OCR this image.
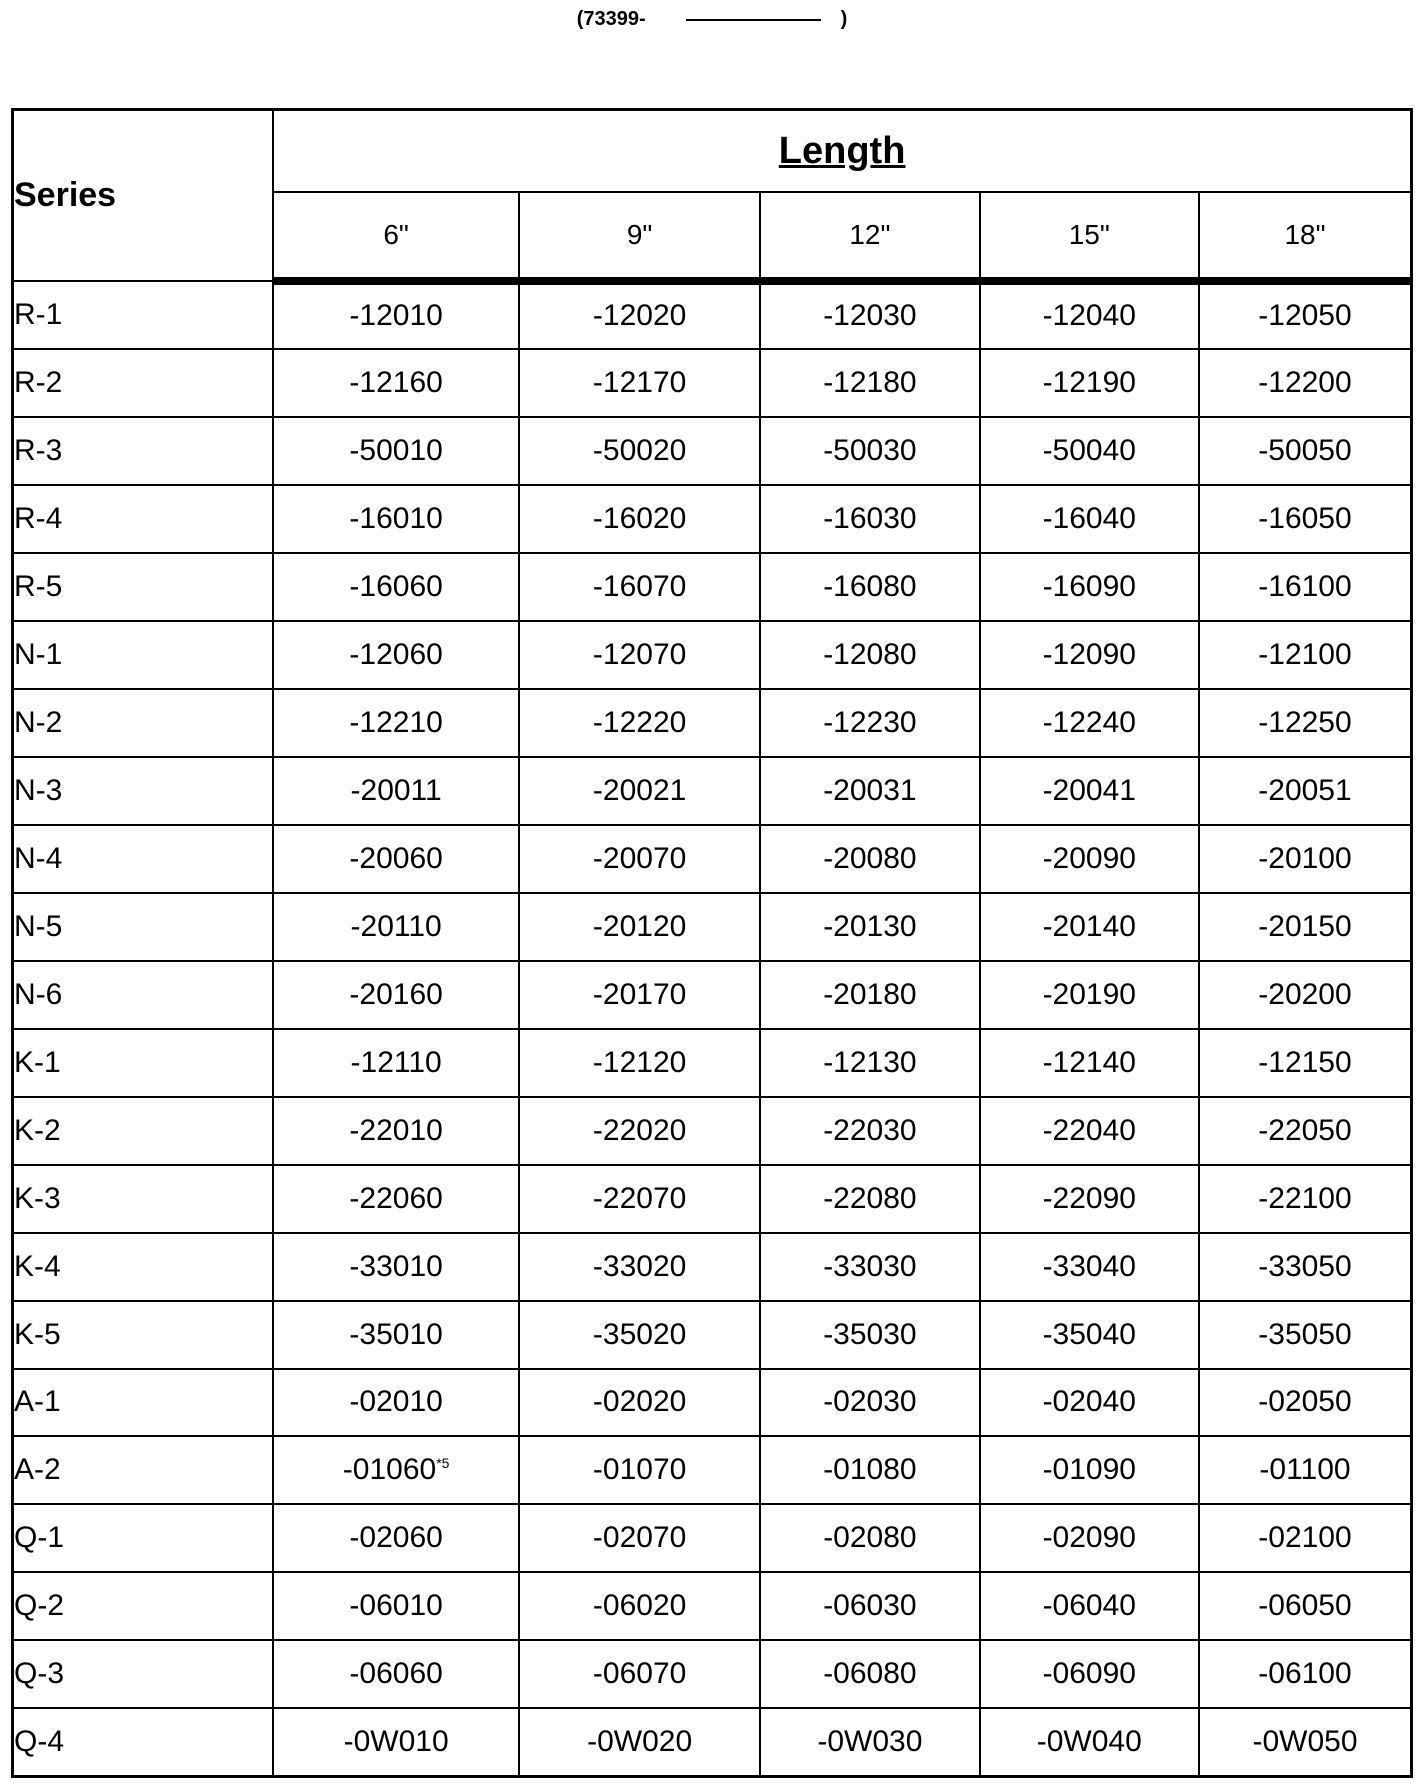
(73399-	)
Series	Length				
	6"	9"	12"	15"	18"
R-1	-12010	-12020	-12030	-12040	-12050
R-2	-12160	-12170	-12180	-12190	-12200
R-3	-50010	-50020	-50030	-50040	-50050
R-4	-16010	-16020	-16030	-16040	-16050
R-5	-16060	-16070	-16080	-16090	-16100
N-1	-12060	-12070	-12080	-12090	-12100
N-2	-12210	-12220	-12230	-12240	-12250
N-3	-20011	-20021	-20031	-20041	-20051
N-4	-20060	-20070	-20080	-20090	-20100
N-5	-20110	-20120	-20130	-20140	-20150
N-6	-20160	-20170	-20180	-20190	-20200
K-1	-12110	-12120	-12130	-12140	-12150
K-2	-22010	-22020	-22030	-22040	-22050
K-3	-22060	-22070	-22080	-22090	-22100
K-4	-33010	-33020	-33030	-33040	-33050
K-5	-35010	-35020	-35030	-35040	-35050
A-1	-02010	-02020	-02030	-02040	-02050
A-2	-01060$^{*5}$	-01070	-01080	-01090	-01100
Q-1	-02060	-02070	-02080	-02090	-02100
Q-2	-06010	-06020	-06030	-06040	-06050
Q-3	-06060	-06070	-06080	-06090	-06100
Q-4	-0W010	-0W020	-0W030	-0W040	-0W050
